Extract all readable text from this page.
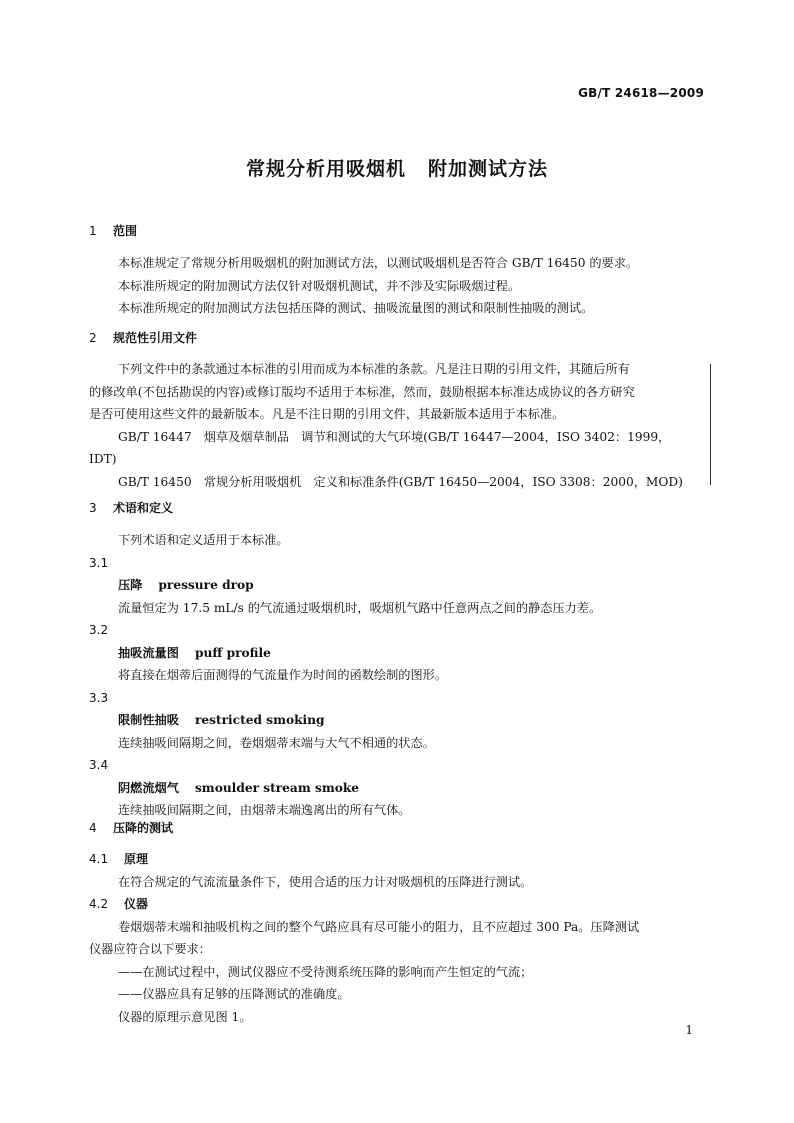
GB/T 24618—2009
常规分析用吸烟机 附加测试方法
1 范围

本标准规定了常规分析用吸烟机的附加测试方法，以测试吸烟机是否符合 GB/T 16450 的要求。

本标准所规定的附加测试方法仅针对吸烟机测试，并不涉及实际吸烟过程。

本标准所规定的附加测试方法包括压降的测试、抽吸流量图的测试和限制性抽吸的测试。

2 规范性引用文件

下列文件中的条款通过本标准的引用而成为本标准的条款。凡是注日期的引用文件，其随后所有

的修改单(不包括勘误的内容)或修订版均不适用于本标准，然而，鼓励根据本标准达成协议的各方研究

是否可使用这些文件的最新版本。凡是不注日期的引用文件，其最新版本适用于本标准。

GB/T 16447　烟草及烟草制品　调节和测试的大气环境(GB/T 16447—2004，ISO 3402：1999，

IDT)

GB/T 16450　常规分析用吸烟机　定义和标准条件(GB/T 16450—2004，ISO 3308：2000，MOD)

3 术语和定义

下列术语和定义适用于本标准。

3.1
压降 pressure drop

流量恒定为 17.5 mL/s 的气流通过吸烟机时，吸烟机气路中任意两点之间的静态压力差。

3.2
抽吸流量图 puff profile

将直接在烟蒂后面测得的气流量作为时间的函数绘制的图形。

3.3
限制性抽吸 restricted smoking

连续抽吸间隔期之间，卷烟烟蒂末端与大气不相通的状态。

3.4
阴燃流烟气 smoulder stream smoke

连续抽吸间隔期之间，由烟蒂末端逸离出的所有气体。

4 压降的测试
4.1 原理

在符合规定的气流流量条件下，使用合适的压力计对吸烟机的压降进行测试。

4.2 仪器

卷烟烟蒂末端和抽吸机构之间的整个气路应具有尽可能小的阻力，且不应超过 300 Pa。压降测试

仪器应符合以下要求：

——在测试过程中，测试仪器应不受待测系统压降的影响而产生恒定的气流；

——仪器应具有足够的压降测试的准确度。

仪器的原理示意见图 1。

1
